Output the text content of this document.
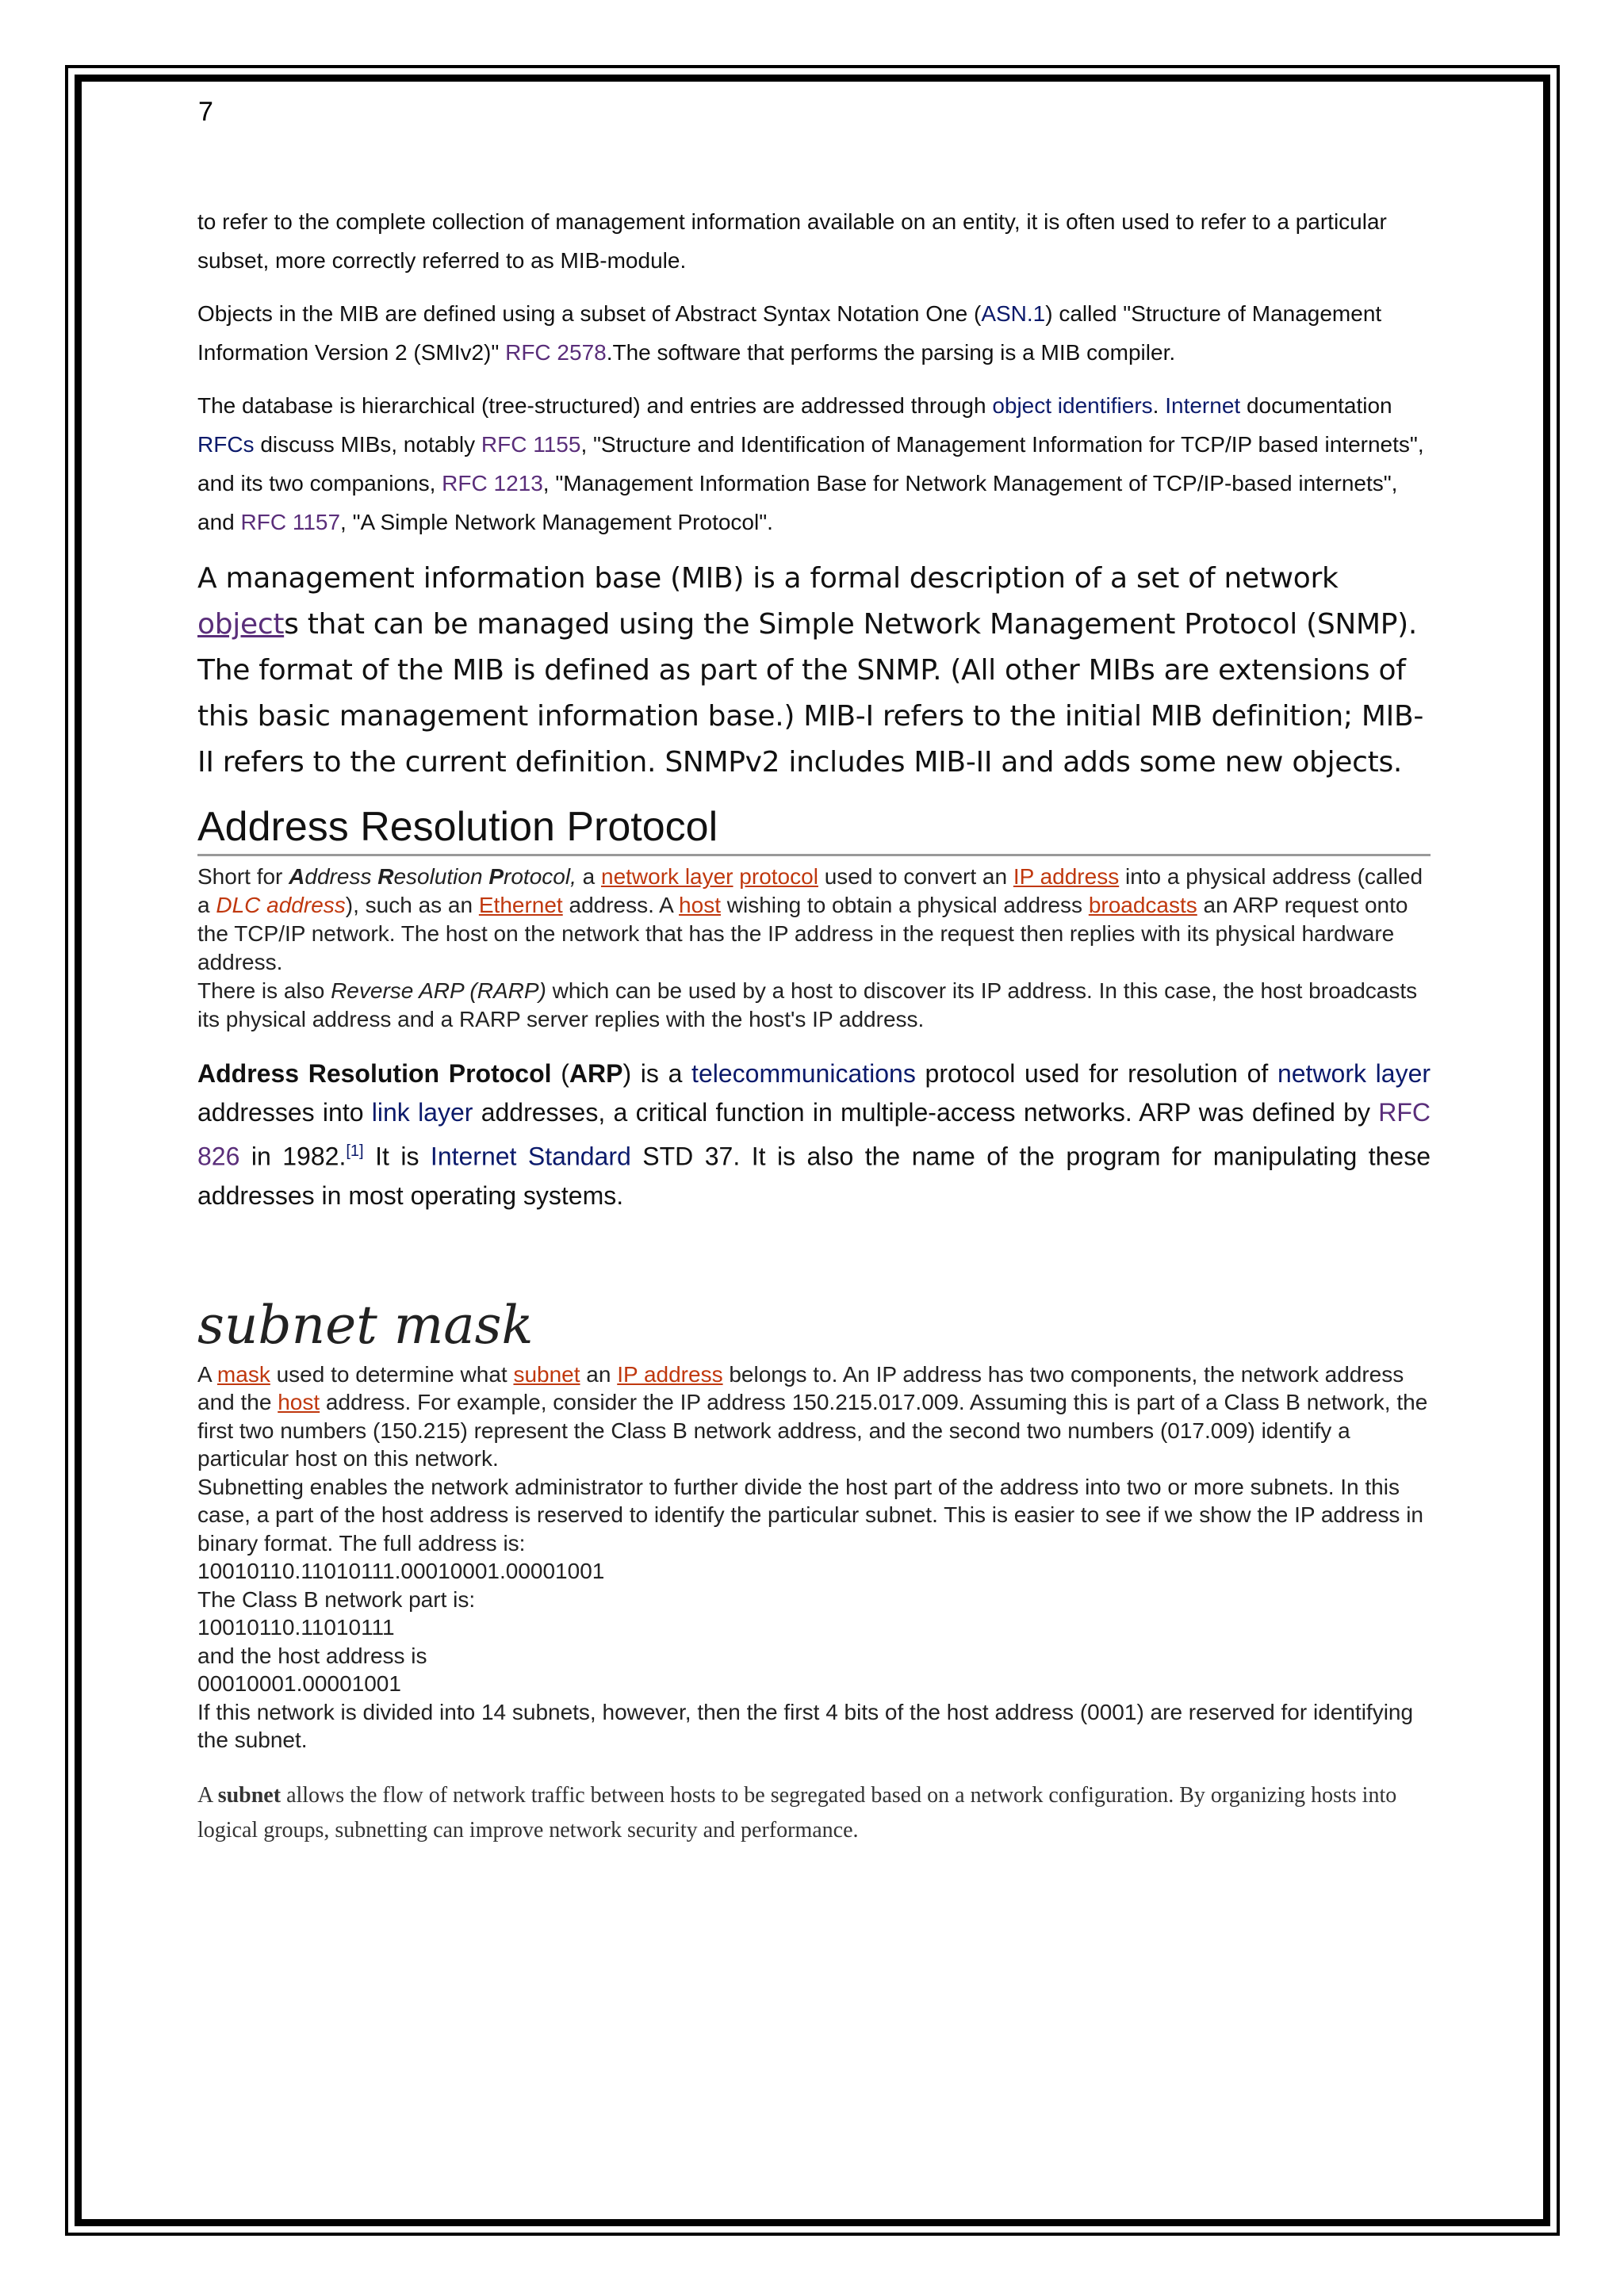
7

to refer to the complete collection of management information available on an entity, it is often used to refer to a particular subset, more correctly referred to as MIB-module.

Objects in the MIB are defined using a subset of Abstract Syntax Notation One (ASN.1) called "Structure of Management Information Version 2 (SMIv2)" RFC 2578.The software that performs the parsing is a MIB compiler.

The database is hierarchical (tree-structured) and entries are addressed through object identifiers. Internet documentation RFCs discuss MIBs, notably RFC 1155, "Structure and Identification of Management Information for TCP/IP based internets", and its two companions, RFC 1213, "Management Information Base for Network Management of TCP/IP-based internets", and RFC 1157, "A Simple Network Management Protocol".

A management information base (MIB) is a formal description of a set of network objects that can be managed using the Simple Network Management Protocol (SNMP). The format of the MIB is defined as part of the SNMP. (All other MIBs are extensions of this basic management information base.) MIB-I refers to the initial MIB definition; MIB-II refers to the current definition. SNMPv2 includes MIB-II and adds some new objects.

Address Resolution Protocol

Short for Address Resolution Protocol, a network layer protocol used to convert an IP address into a physical address (called a DLC address), such as an Ethernet address. A host wishing to obtain a physical address broadcasts an ARP request onto the TCP/IP network. The host on the network that has the IP address in the request then replies with its physical hardware address.
There is also Reverse ARP (RARP) which can be used by a host to discover its IP address. In this case, the host broadcasts its physical address and a RARP server replies with the host's IP address.

Address Resolution Protocol (ARP) is a telecommunications protocol used for resolution of network layer addresses into link layer addresses, a critical function in multiple-access networks. ARP was defined by RFC 826 in 1982.[1] It is Internet Standard STD 37. It is also the name of the program for manipulating these addresses in most operating systems.

subnet mask

A mask used to determine what subnet an IP address belongs to. An IP address has two components, the network address and the host address. For example, consider the IP address 150.215.017.009. Assuming this is part of a Class B network, the first two numbers (150.215) represent the Class B network address, and the second two numbers (017.009) identify a particular host on this network.
Subnetting enables the network administrator to further divide the host part of the address into two or more subnets. In this case, a part of the host address is reserved to identify the particular subnet. This is easier to see if we show the IP address in binary format. The full address is:
10010110.11010111.00010001.00001001
The Class B network part is:
10010110.11010111
and the host address is
00010001.00001001
If this network is divided into 14 subnets, however, then the first 4 bits of the host address (0001) are reserved for identifying the subnet.

A subnet allows the flow of network traffic between hosts to be segregated based on a network configuration. By organizing hosts into logical groups, subnetting can improve network security and performance.
